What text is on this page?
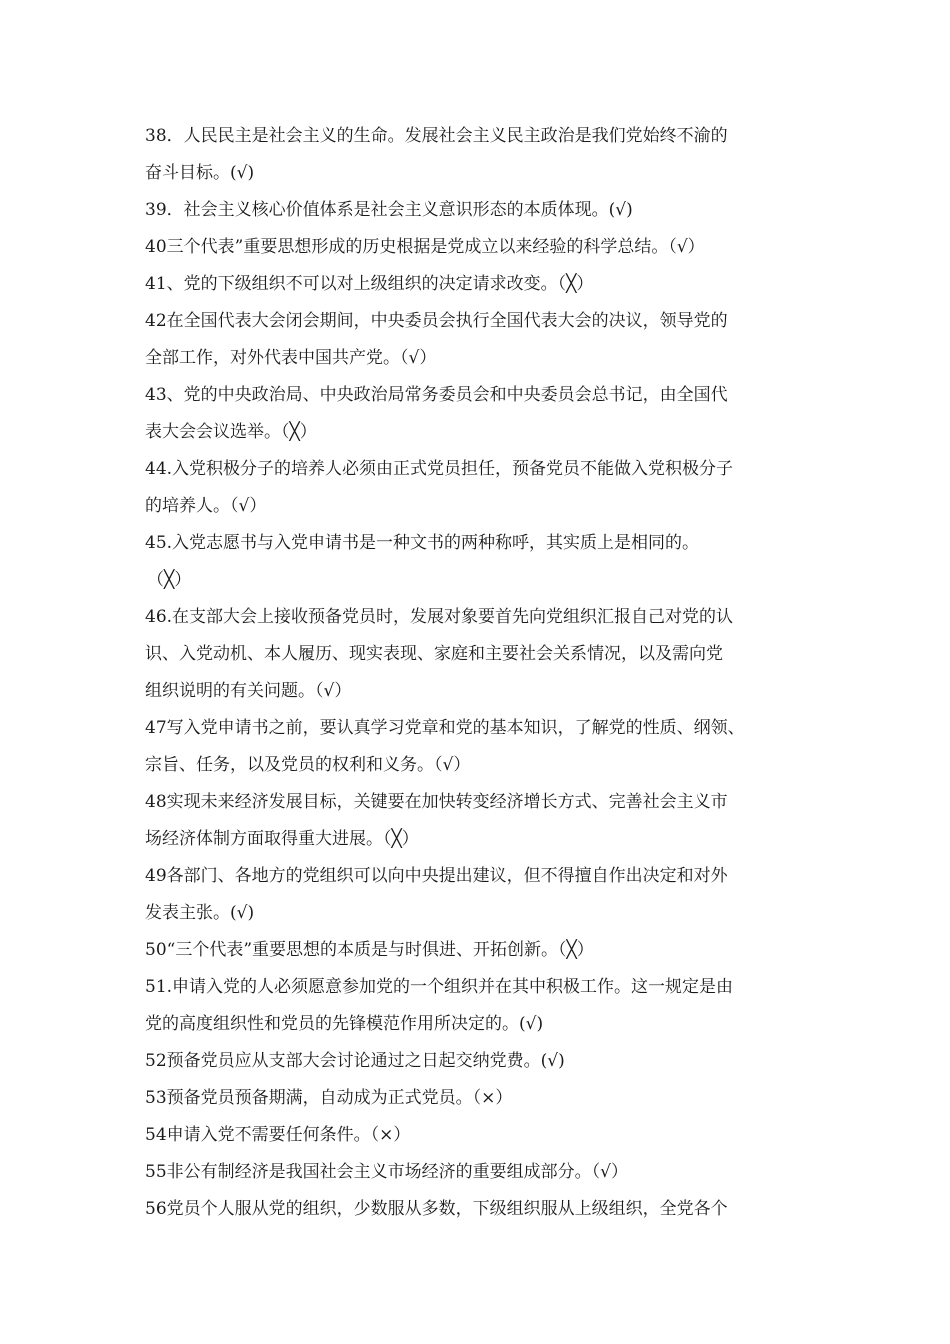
38．人民民主是社会主义的生命。发展社会主义民主政治是我们党始终不渝的
奋斗目标。(√)
39．社会主义核心价值体系是社会主义意识形态的本质体现。(√)
40三个代表”重要思想形成的历史根据是党成立以来经验的科学总结。（√）
41、党的下级组织不可以对上级组织的决定请求改变。（╳）
42在全国代表大会闭会期间，中央委员会执行全国代表大会的决议，领导党的
全部工作，对外代表中国共产党。（√）
43、党的中央政治局、中央政治局常务委员会和中央委员会总书记，由全国代
表大会会议选举。（╳）
44.入党积极分子的培养人必须由正式党员担任，预备党员不能做入党积极分子
的培养人。（√）
45.入党志愿书与入党申请书是一种文书的两种称呼，其实质上是相同的。
（╳）
46.在支部大会上接收预备党员时，发展对象要首先向党组织汇报自己对党的认
识、入党动机、本人履历、现实表现、家庭和主要社会关系情况，以及需向党
组织说明的有关问题。（√）
47写入党申请书之前，要认真学习党章和党的基本知识，了解党的性质、纲领、
宗旨、任务，以及党员的权利和义务。（√）
48实现未来经济发展目标，关键要在加快转变经济增长方式、完善社会主义市
场经济体制方面取得重大进展。（╳）
49各部门、各地方的党组织可以向中央提出建议，但不得擅自作出决定和对外
发表主张。(√)
50“三个代表”重要思想的本质是与时俱进、开拓创新。（╳）
51.申请入党的人必须愿意参加党的一个组织并在其中积极工作。这一规定是由
党的高度组织性和党员的先锋模范作用所决定的。(√)
52预备党员应从支部大会讨论通过之日起交纳党费。(√)
53预备党员预备期满，自动成为正式党员。（×）
54申请入党不需要任何条件。（×）
55非公有制经济是我国社会主义市场经济的重要组成部分。（√）
56党员个人服从党的组织，少数服从多数，下级组织服从上级组织，全党各个
